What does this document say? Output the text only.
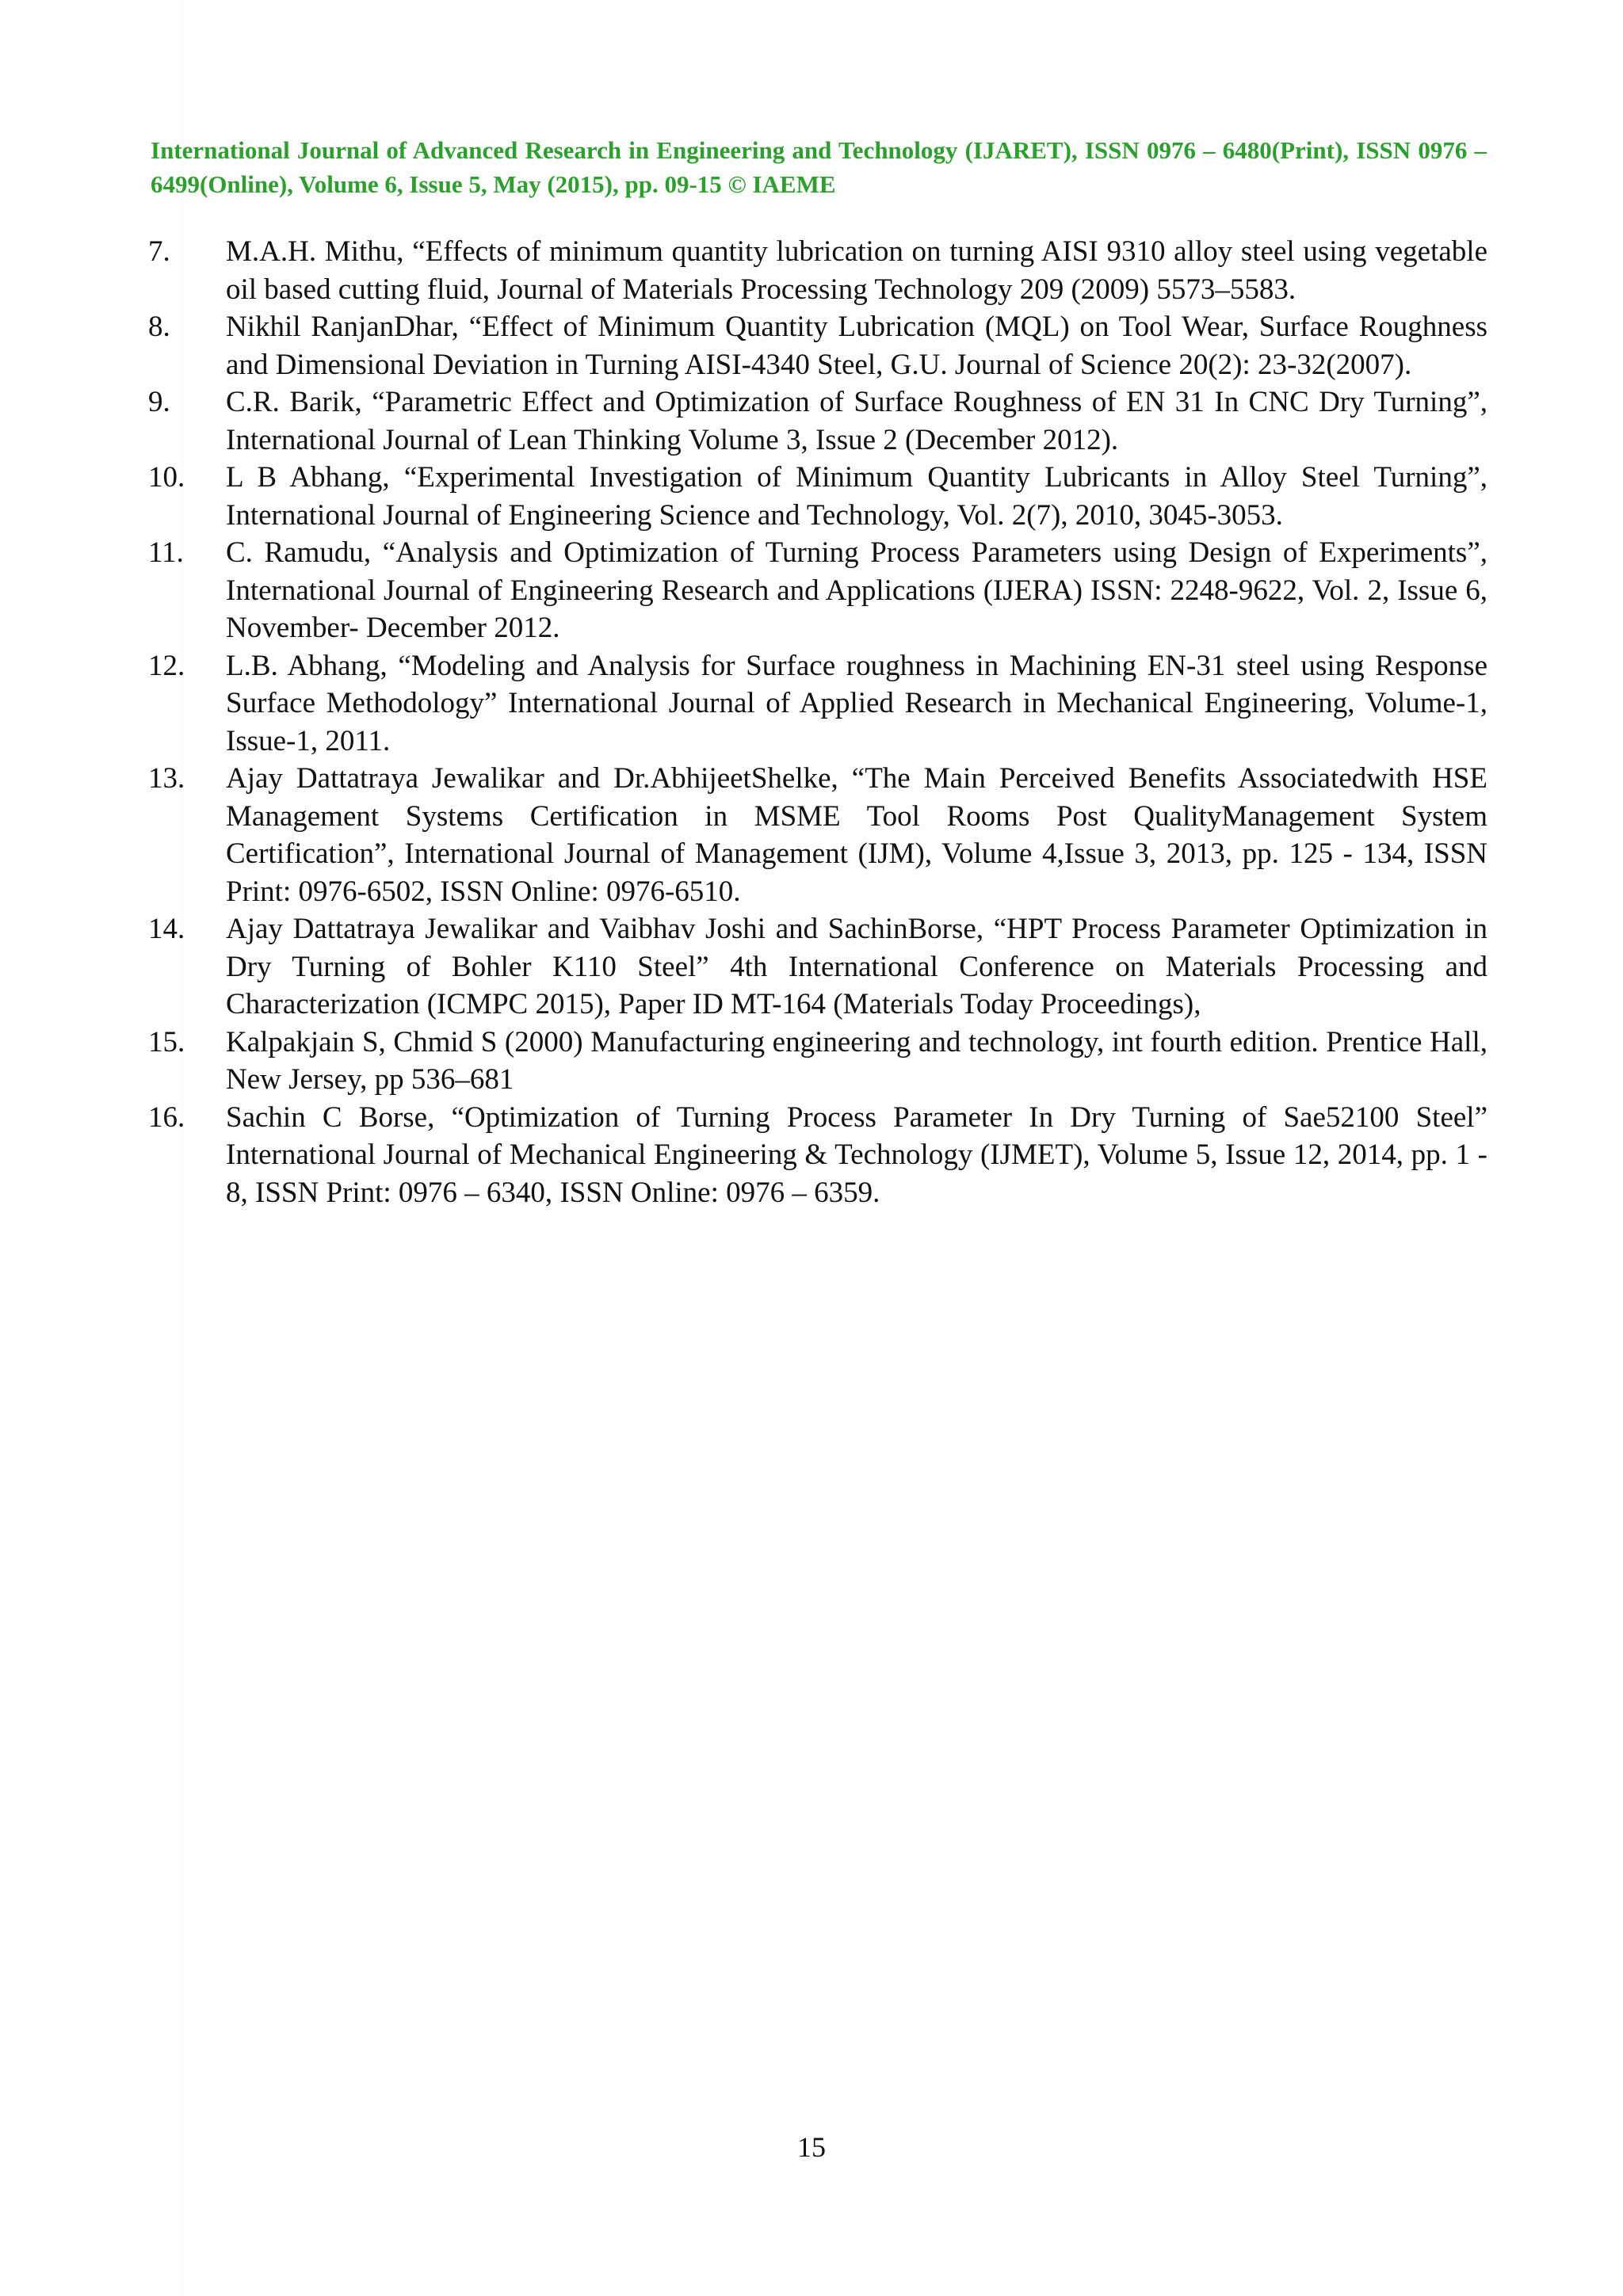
International Journal of Advanced Research in Engineering and Technology (IJARET), ISSN 0976 – 6480(Print), ISSN 0976 – 6499(Online), Volume 6, Issue 5, May (2015), pp. 09-15 © IAEME
7. M.A.H. Mithu, “Effects of minimum quantity lubrication on turning AISI 9310 alloy steel using vegetable oil based cutting fluid, Journal of Materials Processing Technology 209 (2009) 5573–5583.
8. Nikhil RanjanDhar, “Effect of Minimum Quantity Lubrication (MQL) on Tool Wear, Surface Roughness and Dimensional Deviation in Turning AISI-4340 Steel, G.U. Journal of Science 20(2): 23-32(2007).
9. C.R. Barik, “Parametric Effect and Optimization of Surface Roughness of EN 31 In CNC Dry Turning”, International Journal of Lean Thinking Volume 3, Issue 2 (December 2012).
10. L B Abhang, “Experimental Investigation of Minimum Quantity Lubricants in Alloy Steel Turning”, International Journal of Engineering Science and Technology, Vol. 2(7), 2010, 3045-3053.
11. C. Ramudu, “Analysis and Optimization of Turning Process Parameters using Design of Experiments”, International Journal of Engineering Research and Applications (IJERA) ISSN: 2248-9622, Vol. 2, Issue 6, November- December 2012.
12. L.B. Abhang, “Modeling and Analysis for Surface roughness in Machining EN-31 steel using Response Surface Methodology” International Journal of Applied Research in Mechanical Engineering, Volume-1, Issue-1, 2011.
13. Ajay Dattatraya Jewalikar and Dr.AbhijeetShelke, “The Main Perceived Benefits Associatedwith HSE Management Systems Certification in MSME Tool Rooms Post QualityManagement System Certification”, International Journal of Management (IJM), Volume 4,Issue 3, 2013, pp. 125 - 134, ISSN Print: 0976-6502, ISSN Online: 0976-6510.
14. Ajay Dattatraya Jewalikar and Vaibhav Joshi and SachinBorse, “HPT Process Parameter Optimization in Dry Turning of Bohler K110 Steel” 4th International Conference on Materials Processing and Characterization (ICMPC 2015), Paper ID MT-164 (Materials Today Proceedings),
15. Kalpakjain S, Chmid S (2000) Manufacturing engineering and technology, int fourth edition. Prentice Hall, New Jersey, pp 536–681
16. Sachin C Borse, “Optimization of Turning Process Parameter In Dry Turning of Sae52100 Steel” International Journal of Mechanical Engineering & Technology (IJMET), Volume 5, Issue 12, 2014, pp. 1 - 8, ISSN Print: 0976 – 6340, ISSN Online: 0976 – 6359.
15
